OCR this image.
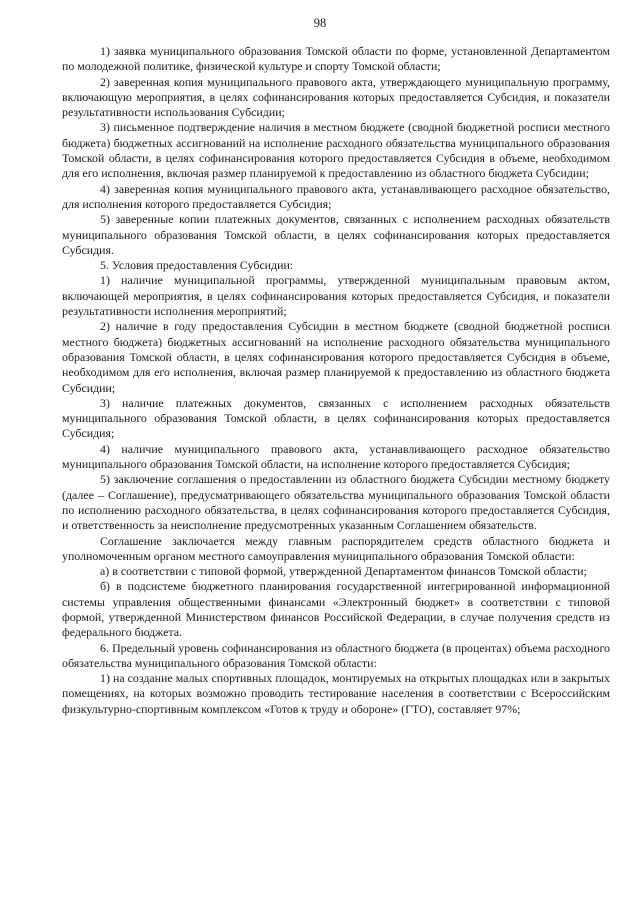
98

1) заявка муниципального образования Томской области по форме, установленной Департаментом по молодежной политике, физической культуре и спорту Томской области;

2) заверенная копия муниципального правового акта, утверждающего муниципальную программу, включающую мероприятия, в целях софинансирования которых предоставляется Субсидия, и показатели результативности использования Субсидии;

3) письменное подтверждение наличия в местном бюджете (сводной бюджетной росписи местного бюджета) бюджетных ассигнований на исполнение расходного обязательства муниципального образования Томской области, в целях софинансирования которого предоставляется Субсидия в объеме, необходимом для его исполнения, включая размер планируемой к предоставлению из областного бюджета Субсидии;

4) заверенная копия муниципального правового акта, устанавливающего расходное обязательство, для исполнения которого предоставляется Субсидия;

5) заверенные копии платежных документов, связанных с исполнением расходных обязательств муниципального образования Томской области, в целях софинансирования которых предоставляется Субсидия.

5. Условия предоставления Субсидии:

1) наличие муниципальной программы, утвержденной муниципальным правовым актом, включающей мероприятия, в целях софинансирования которых предоставляется Субсидия, и показатели результативности исполнения мероприятий;

2) наличие в году предоставления Субсидии в местном бюджете (сводной бюджетной росписи местного бюджета) бюджетных ассигнований на исполнение расходного обязательства муниципального образования Томской области, в целях софинансирования которого предоставляется Субсидия в объеме, необходимом для его исполнения, включая размер планируемой к предоставлению из областного бюджета Субсидии;

3) наличие платежных документов, связанных с исполнением расходных обязательств муниципального образования Томской области, в целях софинансирования которых предоставляется Субсидия;

4) наличие муниципального правового акта, устанавливающего расходное обязательство муниципального образования Томской области, на исполнение которого предоставляется Субсидия;

5) заключение соглашения о предоставлении из областного бюджета Субсидии местному бюджету (далее – Соглашение), предусматривающего обязательства муниципального образования Томской области по исполнению расходного обязательства, в целях софинансирования которого предоставляется Субсидия, и ответственность за неисполнение предусмотренных указанным Соглашением обязательств.

Соглашение заключается между главным распорядителем средств областного бюджета и уполномоченным органом местного самоуправления муниципального образования Томской области:

а) в соответствии с типовой формой, утвержденной Департаментом финансов Томской области;

б) в подсистеме бюджетного планирования государственной интегрированной информационной системы управления общественными финансами «Электронный бюджет» в соответствии с типовой формой, утвержденной Министерством финансов Российской Федерации, в случае получения средств из федерального бюджета.

6. Предельный уровень софинансирования из областного бюджета (в процентах) объема расходного обязательства муниципального образования Томской области:

1) на создание малых спортивных площадок, монтируемых на открытых площадках или в закрытых помещениях, на которых возможно проводить тестирование населения в соответствии с Всероссийским физкультурно-спортивным комплексом «Готов к труду и обороне» (ГТО), составляет 97%;
